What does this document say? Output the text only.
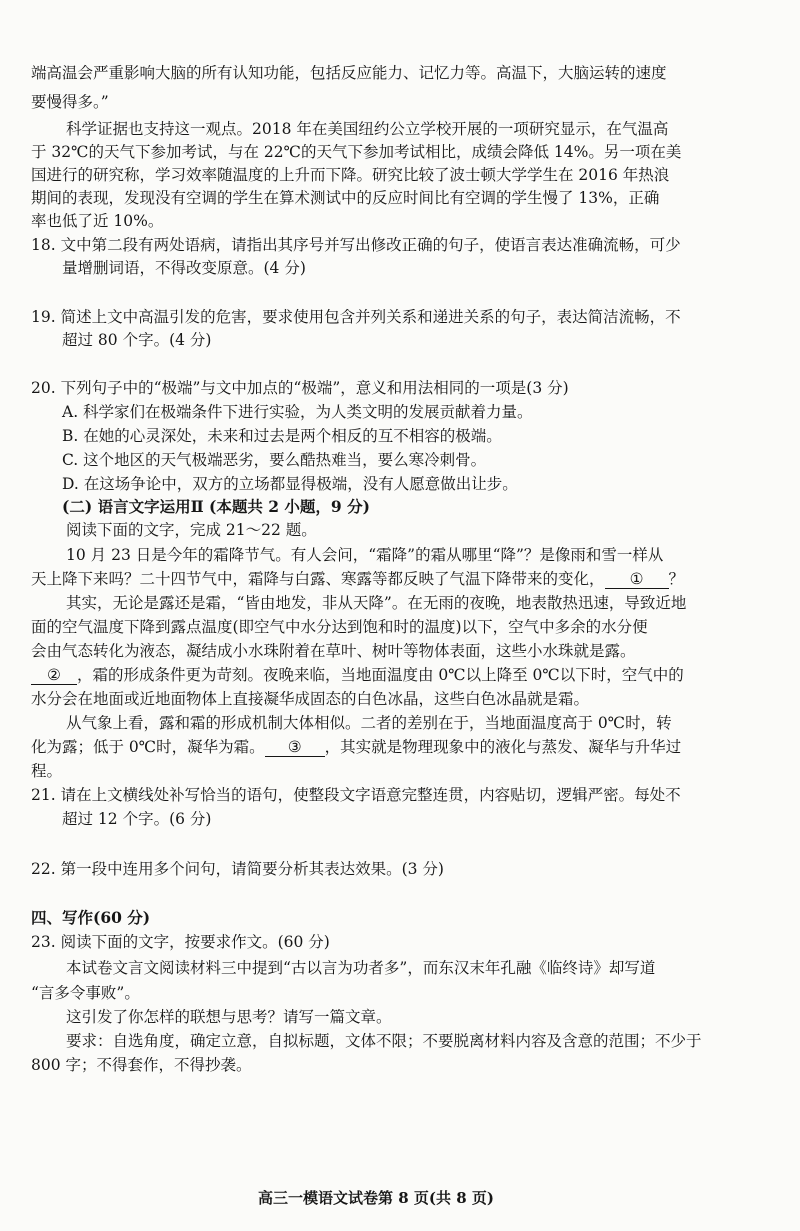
端高温会严重影响大脑的所有认知功能，包括反应能力、记忆力等。高温下，大脑运转的速度
要慢得多。”
科学证据也支持这一观点。2018 年在美国纽约公立学校开展的一项研究显示，在气温高
于 32℃的天气下参加考试，与在 22℃的天气下参加考试相比，成绩会降低 14%。另一项在美
国进行的研究称，学习效率随温度的上升而下降。研究比较了波士顿大学学生在 2016 年热浪
期间的表现，发现没有空调的学生在算术测试中的反应时间比有空调的学生慢了 13%，正确
率也低了近 10%。
18. 文中第二段有两处语病，请指出其序号并写出修改正确的句子，使语言表达准确流畅，可少
量增删词语，不得改变原意。(4 分)
19. 简述上文中高温引发的危害，要求使用包含并列关系和递进关系的句子，表达简洁流畅，不
超过 80 个字。(4 分)
20. 下列句子中的“极端”与文中加点的“极端”，意义和用法相同的一项是(3 分)
A. 科学家们在极端条件下进行实验，为人类文明的发展贡献着力量。
B. 在她的心灵深处，未来和过去是两个相反的互不相容的极端。
C. 这个地区的天气极端恶劣，要么酷热难当，要么寒冷刺骨。
D. 在这场争论中，双方的立场都显得极端，没有人愿意做出让步。
(二) 语言文字运用Ⅱ (本题共 2 小题，9 分)
阅读下面的文字，完成 21～22 题。
10 月 23 日是今年的霜降节气。有人会问，“霜降”的霜从哪里“降”？是像雨和雪一样从
天上降下来吗？二十四节气中，霜降与白露、寒露等都反映了气温下降带来的变化， ① ？
其实，无论是露还是霜，“皆由地发，非从天降”。在无雨的夜晚，地表散热迅速，导致近地
面的空气温度下降到露点温度(即空气中水分达到饱和时的温度)以下，空气中多余的水分便
会由气态转化为液态，凝结成小水珠附着在草叶、树叶等物体表面，这些小水珠就是露。
② ，霜的形成条件更为苛刻。夜晚来临，当地面温度由 0℃以上降至 0℃以下时，空气中的
水分会在地面或近地面物体上直接凝华成固态的白色冰晶，这些白色冰晶就是霜。
从气象上看，露和霜的形成机制大体相似。二者的差别在于，当地面温度高于 0℃时，转
化为露；低于 0℃时，凝华为霜。 ③ ，其实就是物理现象中的液化与蒸发、凝华与升华过
程。
21. 请在上文横线处补写恰当的语句，使整段文字语意完整连贯，内容贴切，逻辑严密。每处不
超过 12 个字。(6 分)
22. 第一段中连用多个问句，请简要分析其表达效果。(3 分)
四、写作(60 分)
23. 阅读下面的文字，按要求作文。(60 分)
本试卷文言文阅读材料三中提到“古以言为功者多”，而东汉末年孔融《临终诗》却写道
“言多令事败”。
这引发了你怎样的联想与思考？请写一篇文章。
要求：自选角度，确定立意，自拟标题，文体不限；不要脱离材料内容及含意的范围；不少于
800 字；不得套作，不得抄袭。
高三一模语文试卷第 8 页(共 8 页)
